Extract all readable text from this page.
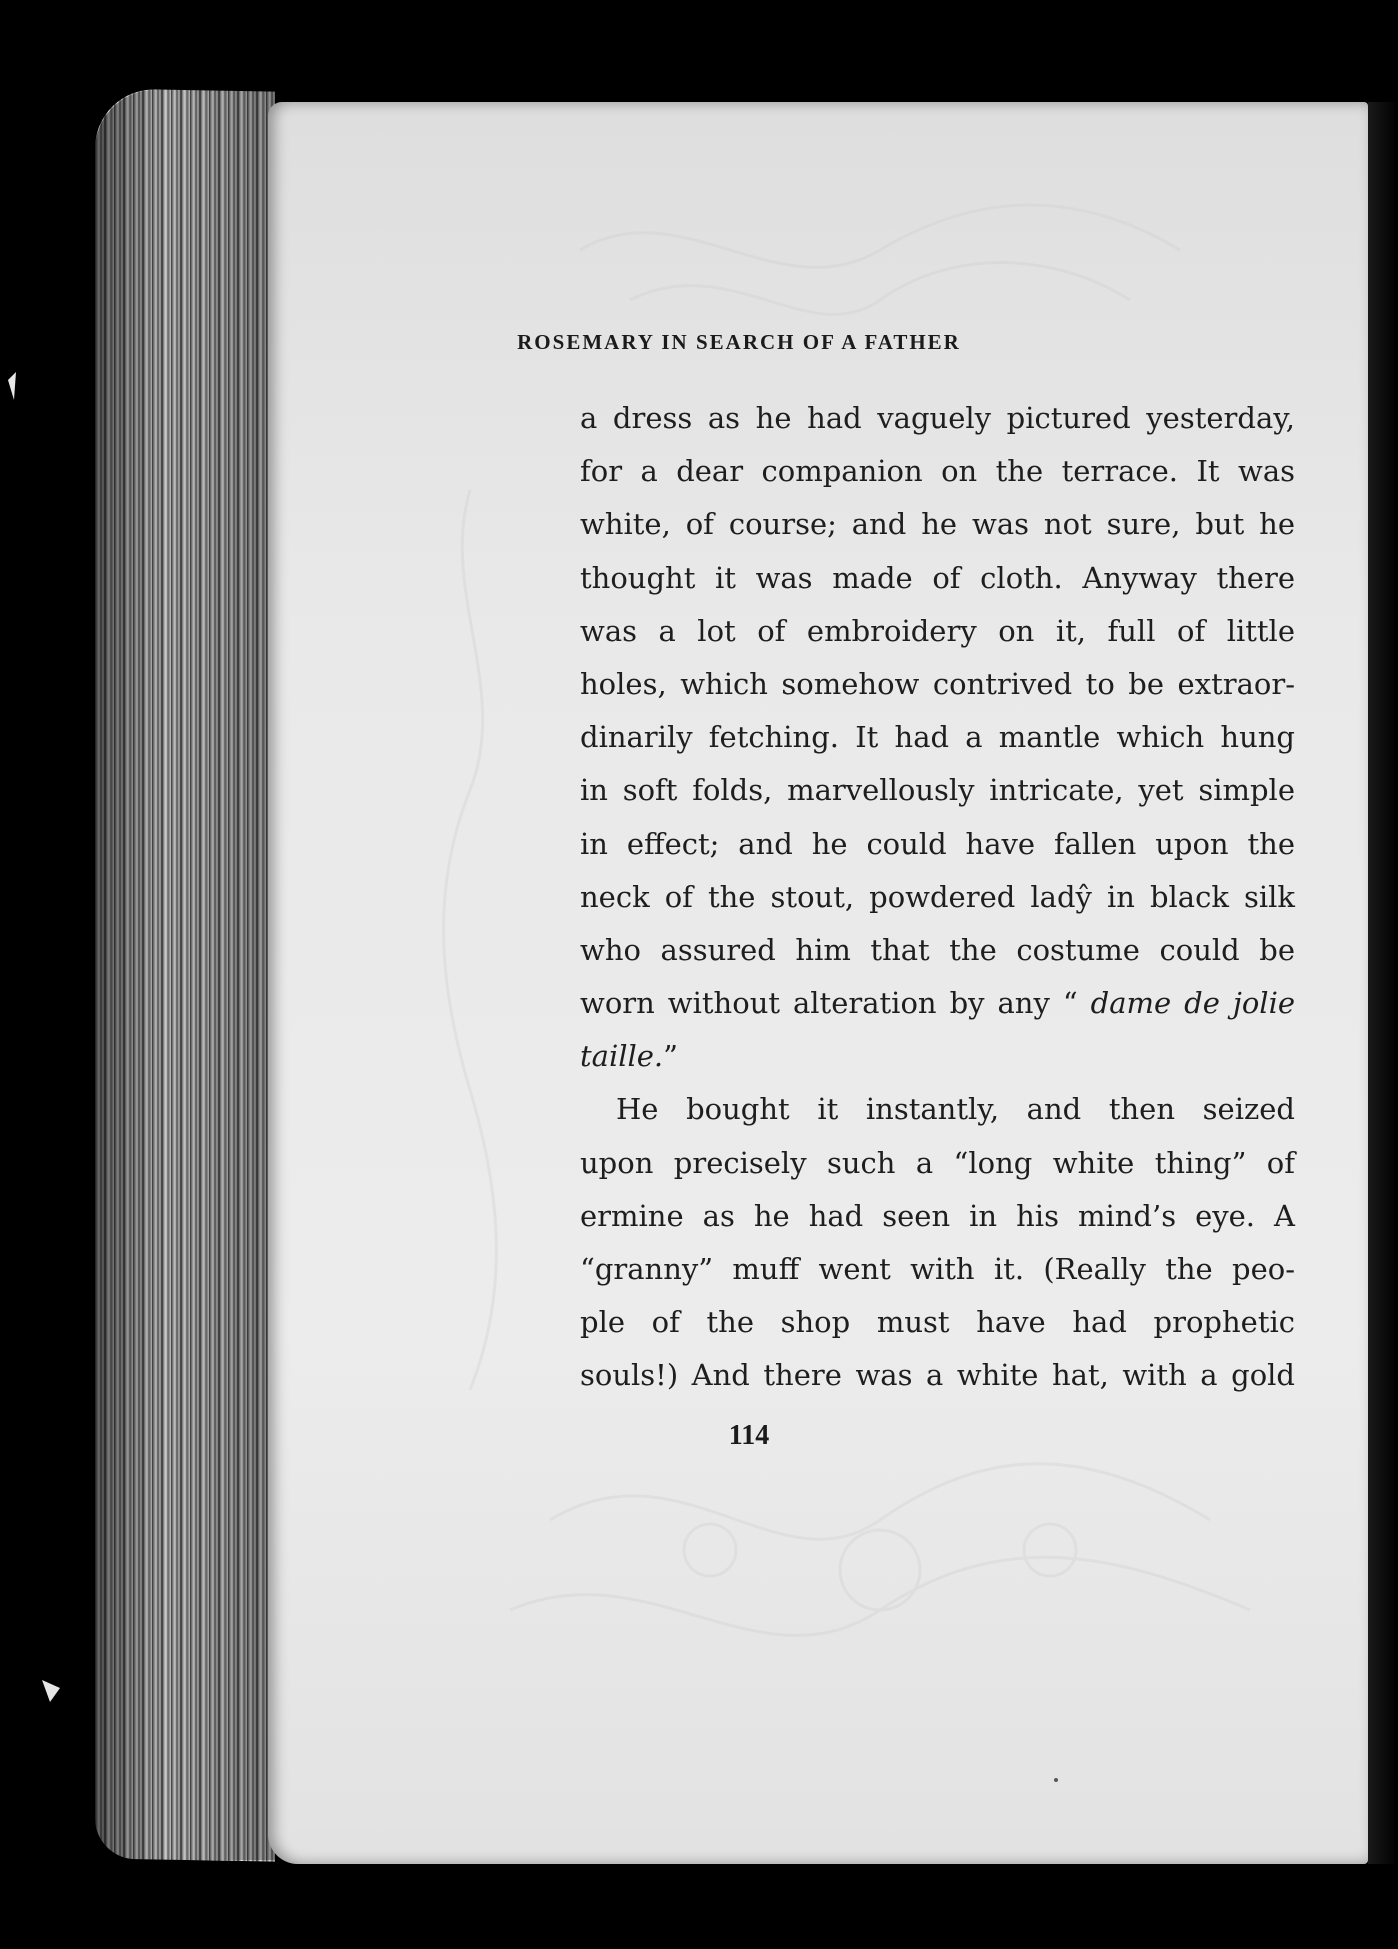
ROSEMARY IN SEARCH OF A FATHER
a dress as he had vaguely pictured yesterday,
for a dear companion on the terrace. It was
white, of course; and he was not sure, but he
thought it was made of cloth. Anyway there
was a lot of embroidery on it, full of little
holes, which somehow contrived to be extraor-
dinarily fetching. It had a mantle which hung
in soft folds, marvellously intricate, yet simple
in effect; and he could have fallen upon the
neck of the stout, powdered ladŷ in black silk
who assured him that the costume could be
worn without alteration by any “ dame de jolie
taille.”
He bought it instantly, and then seized
upon precisely such a “long white thing” of
ermine as he had seen in his mind’s eye. A
“granny” muff went with it. (Really the peo-
ple of the shop must have had prophetic
souls!) And there was a white hat, with a gold
114
